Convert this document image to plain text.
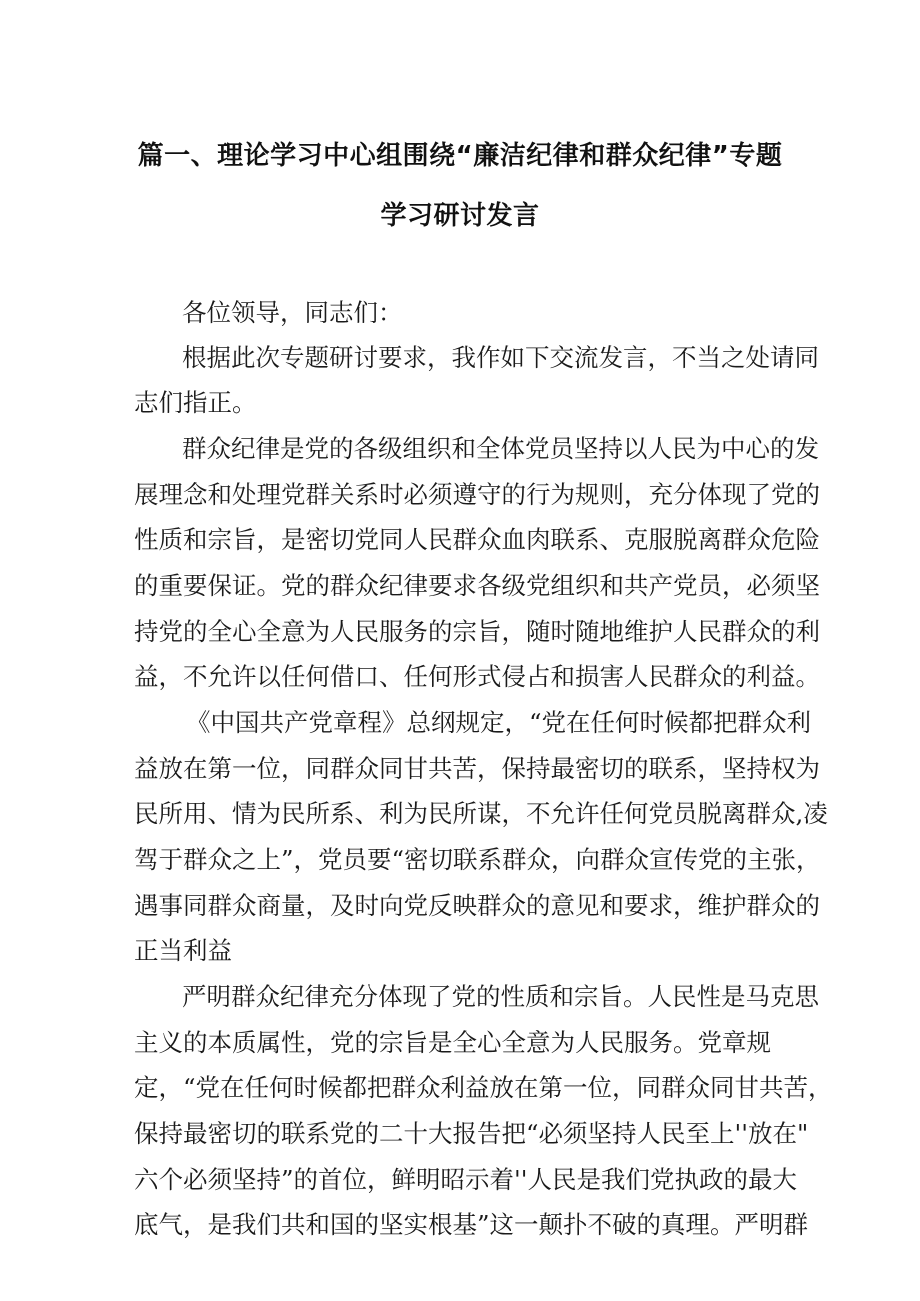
篇一、理论学习中心组围绕“廉洁纪律和群众纪律”专题
学习研讨发言
各位领导，同志们：
根据此次专题研讨要求，我作如下交流发言，不当之处请同
志们指正。
群众纪律是党的各级组织和全体党员坚持以人民为中心的发
展理念和处理党群关系时必须遵守的行为规则，充分体现了党的
性质和宗旨，是密切党同人民群众血肉联系、克服脱离群众危险
的重要保证。党的群众纪律要求各级党组织和共产党员，必须坚
持党的全心全意为人民服务的宗旨，随时随地维护人民群众的利
益，不允许以任何借口、任何形式侵占和损害人民群众的利益。
《中国共产党章程》总纲规定，“党在任何时候都把群众利
益放在第一位，同群众同甘共苦，保持最密切的联系，坚持权为
民所用、情为民所系、利为民所谋，不允许任何党员脱离群众,凌
驾于群众之上”，党员要“密切联系群众，向群众宣传党的主张，
遇事同群众商量，及时向党反映群众的意见和要求，维护群众的
正当利益
严明群众纪律充分体现了党的性质和宗旨。人民性是马克思
主义的本质属性，党的宗旨是全心全意为人民服务。党章规
定，“党在任何时候都把群众利益放在第一位，同群众同甘共苦，
保持最密切的联系党的二十大报告把“必须坚持人民至上''放在"
六个必须坚持”的首位，鲜明昭示着''人民是我们党执政的最大
底气，是我们共和国的坚实根基”这一颠扑不破的真理。严明群
